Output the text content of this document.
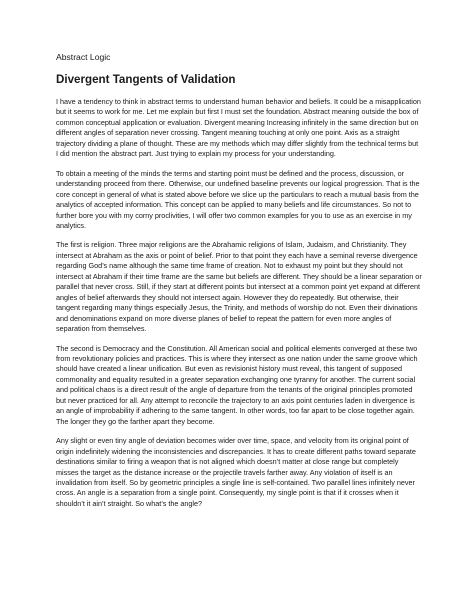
Abstract Logic
Divergent Tangents of Validation

I have a tendency to think in abstract terms to understand human behavior and beliefs. It could be a misapplication but it seems to work for me. Let me explain but first I must set the foundation. Abstract meaning outside the box of common conceptual application or evaluation. Divergent meaning Increasing infinitely in the same direction but on different angles of separation never crossing. Tangent meaning touching at only one point. Axis as a straight trajectory dividing a plane of thought. These are my methods which may differ slightly from the technical terms but I did mention the abstract part. Just trying to explain my process for your understanding.

To obtain a meeting of the minds the terms and starting point must be defined and the process, discussion, or understanding proceed from there. Otherwise, our undefined baseline prevents our logical progression. That is the core concept in general of what is stated above before we slice up the particulars to reach a mutual basis from the analytics of accepted information. This concept can be applied to many beliefs and life circumstances. So not to further bore you with my corny proclivities, I will offer two common examples for you to use as an exercise in my analytics.

The first is religion. Three major religions are the Abrahamic religions of Islam, Judaism, and Christianity. They intersect at Abraham as the axis or point of belief. Prior to that point they each have a seminal reverse divergence regarding God’s name although the same time frame of creation. Not to exhaust my point but they should not intersect at Abraham if their time frame are the same but beliefs are different. They should be a linear separation or parallel that never cross. Still, if they start at different points but intersect at a common point yet expand at different angles of belief afterwards they should not intersect again. However they do repeatedly. But otherwise, their tangent regarding many things especially Jesus, the Trinity, and methods of worship do not. Even their divinations and denominations expand on more diverse planes of belief to repeat the pattern for even more angles of separation from themselves.

The second is Democracy and the Constitution. All American social and political elements converged at these two from revolutionary policies and practices. This is where they intersect as one nation under the same groove which should have created a linear unification. But even as revisionist history must reveal, this tangent of supposed commonality and equality resulted in a greater separation exchanging one tyranny for another. The current social and political chaos is a direct result of the angle of departure from the tenants of the original principles promoted but never practiced for all. Any attempt to reconcile the trajectory to an axis point centuries laden in divergence is an angle of improbability if adhering to the same tangent. In other words, too far apart to be close together again. The longer they go the farther apart they become.

Any slight or even tiny angle of deviation becomes wider over time, space, and velocity from its original point of origin indefinitely widening the inconsistencies and discrepancies. It has to create different paths toward separate destinations similar to firing a weapon that is not aligned which doesn’t matter at close range but completely misses the target as the distance increase or the projectile travels farther away. Any violation of itself is an invalidation from itself. So by geometric principles a single line is self-contained. Two parallel lines infinitely never cross. An angle is a separation from a single point. Consequently, my single point is that if it crosses when it shouldn’t it ain’t straight. So what’s the angle?
